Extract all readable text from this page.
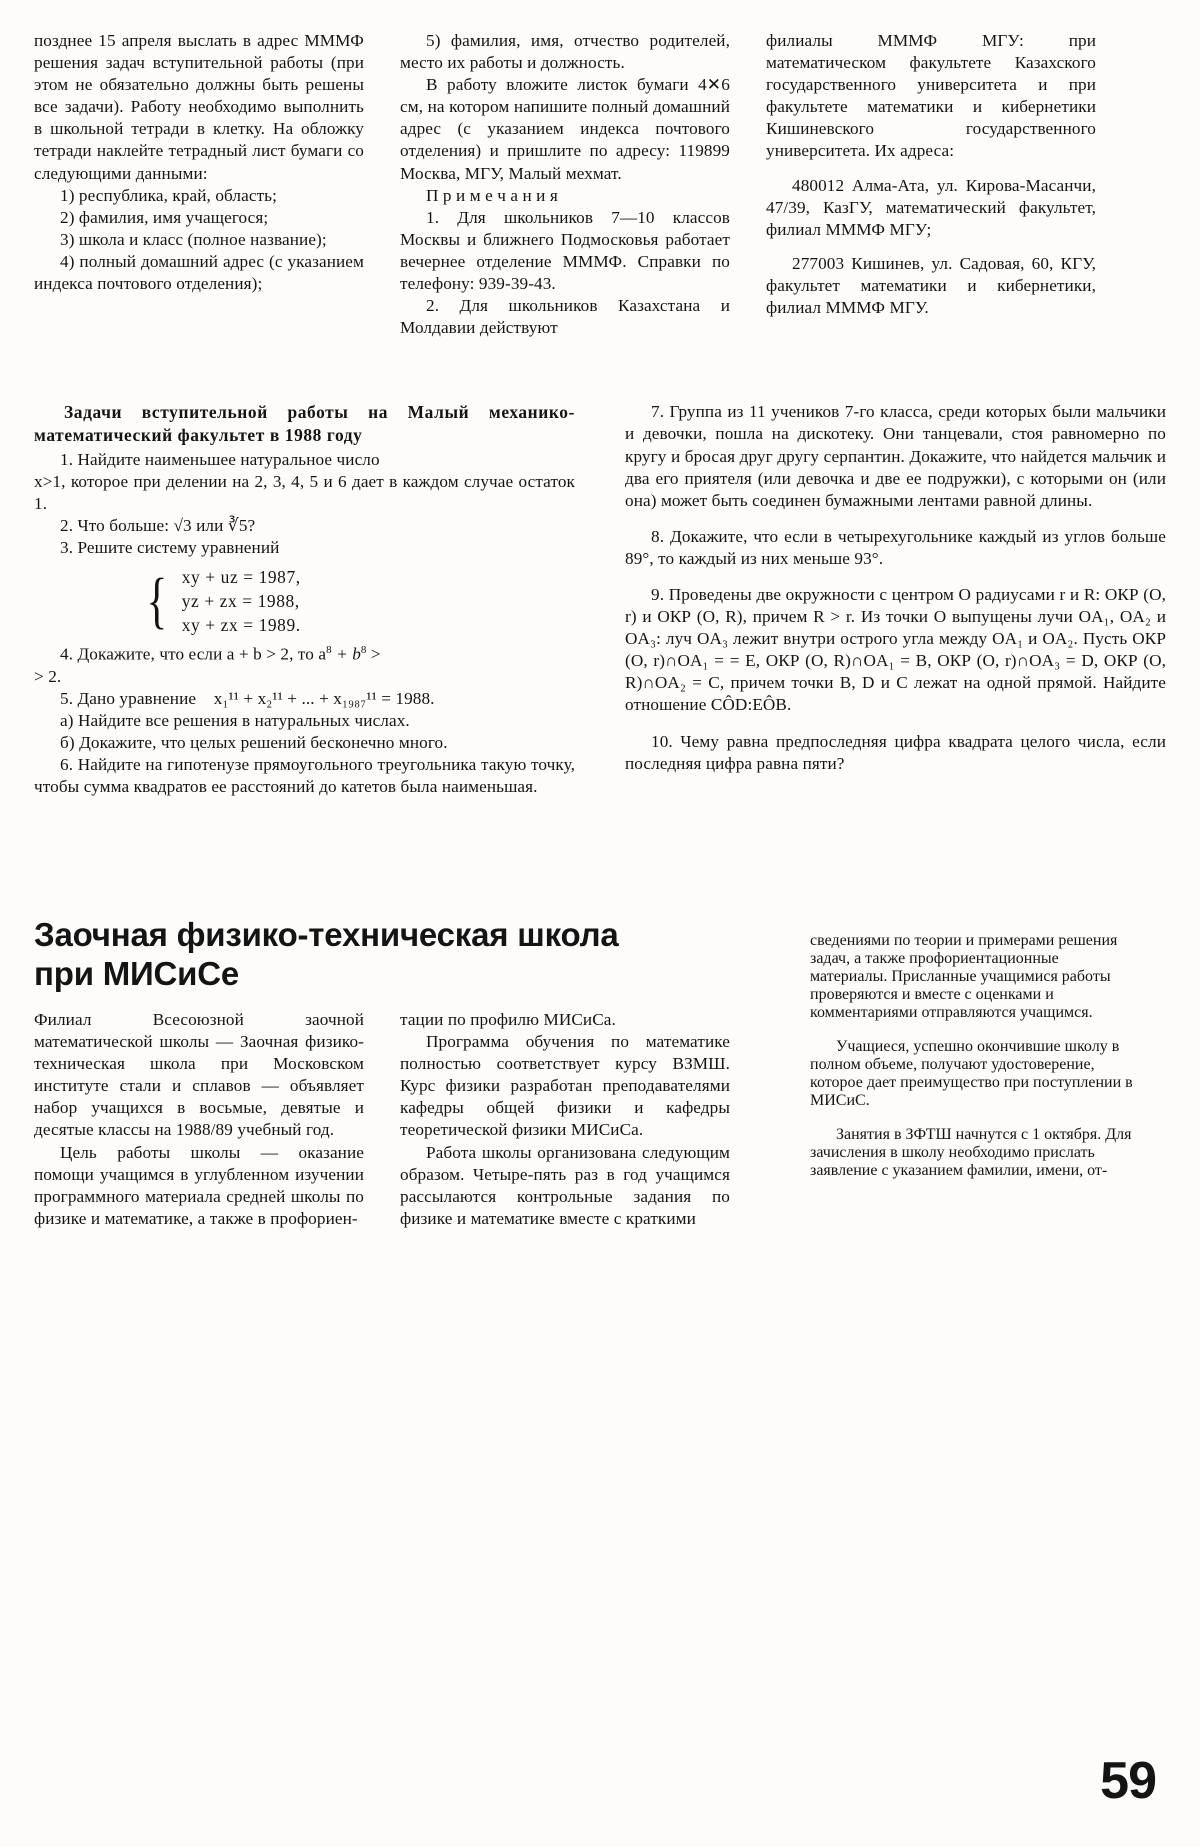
позднее 15 апреля выслать в адрес МММФ решения задач вступительной работы (при этом не обязательно должны быть решены все задачи). Работу необходимо выполнить в школьной тетради в клетку. На обложку тетради наклейте тетрадный лист бумаги со следующими данными:

1) республика, край, область;

2) фамилия, имя учащегося;

3) школа и класс (полное название);

4) полный домашний адрес (с указанием индекса почтового отделения);

5) фамилия, имя, отчество родителей, место их работы и должность.

В работу вложите листок бумаги 4✕6 см, на котором напишите полный домашний адрес (с указанием индекса почтового отделения) и пришлите по адресу: 119899 Москва, МГУ, Малый мехмат.

П р и м е ч а н и я

1. Для школьников 7—10 классов Москвы и ближнего Подмосковья работает вечернее отделение МММФ. Справки по телефону: 939-39-43.

2. Для школьников Казахстана и Молдавии действуют

филиалы МММФ МГУ: при математическом факультете Казахского государственного университета и при факультете математики и кибернетики Кишиневского государственного университета. Их адреса:

480012 Алма-Ата, ул. Кирова-Масанчи, 47/39, КазГУ, математический факультет, филиал МММФ МГУ;

277003 Кишинев, ул. Садовая, 60, КГУ, факультет математики и кибернетики, филиал МММФ МГУ.

Задачи вступительной работы на Малый механико-математический факультет в 1988 году

1. Найдите наименьшее натуральное число

x>1, которое при делении на 2, 3, 4, 5 и 6 дает в каждом случае остаток 1.

2. Что больше: √3 или ∛5?

3. Решите систему уравнений

{ xy + uz = 1987,
yz + zx = 1988,
xy + zx = 1989.

4. Докажите, что если a + b > 2, то $a^8 + b^8$ >

> 2.

5. Дано уравнение x₁¹¹ + x₂¹¹ + ... + x₁₉₈₇¹¹ = 1988.

а) Найдите все решения в натуральных числах.

б) Докажите, что целых решений бесконечно много.

6. Найдите на гипотенузе прямоугольного треугольника такую точку, чтобы сумма квадратов ее расстояний до катетов была наименьшая.

7. Группа из 11 учеников 7-го класса, среди которых были мальчики и девочки, пошла на дискотеку. Они танцевали, стоя равномерно по кругу и бросая друг другу серпантин. Докажите, что найдется мальчик и два его приятеля (или девочка и две ее подружки), с которыми он (или она) может быть соединен бумажными лентами равной длины.

8. Докажите, что если в четырехугольнике каждый из углов больше 89°, то каждый из них меньше 93°.

9. Проведены две окружности с центром O радиусами r и R: ОКР (O, r) и ОКР (O, R), причем R > r. Из точки O выпущены лучи OA₁, OA₂ и OA₃: луч OA₃ лежит внутри острого угла между OA₁ и OA₂. Пусть ОКР (O, r)∩OA₁ = = E, ОКР (O, R)∩OA₁ = B, ОКР (O, r)∩OA₃ = D, ОКР (O, R)∩OA₂ = C, причем точки B, D и C лежат на одной прямой. Найдите отношение CÔD:EÔB.

10. Чему равна предпоследняя цифра квадрата целого числа, если последняя цифра равна пяти?

Заочная физико-техническая школа
при МИСиСе

Филиал Всесоюзной заочной математической школы — Заочная физико-техническая школа при Московском институте стали и сплавов — объявляет набор учащихся в восьмые, девятые и десятые классы на 1988/89 учебный год.

Цель работы школы — оказание помощи учащимся в углубленном изучении программного материала средней школы по физике и математике, а также в профориен-

тации по профилю МИСиСа.

Программа обучения по математике полностью соответствует курсу ВЗМШ. Курс физики разработан преподавателями кафедры общей физики и кафедры теоретической физики МИСиСа.

Работа школы организована следующим образом. Четыре-пять раз в год учащимся рассылаются контрольные задания по физике и математике вместе с краткими

сведениями по теории и примерами решения задач, а также профориентационные материалы. Присланные учащимися работы проверяются и вместе с оценками и комментариями отправляются учащимся.

Учащиеся, успешно окончившие школу в полном объеме, получают удостоверение, которое дает преимущество при поступлении в МИСиС.

Занятия в ЗФТШ начнутся с 1 октября. Для зачисления в школу необходимо прислать заявление с указанием фамилии, имени, от-

59
